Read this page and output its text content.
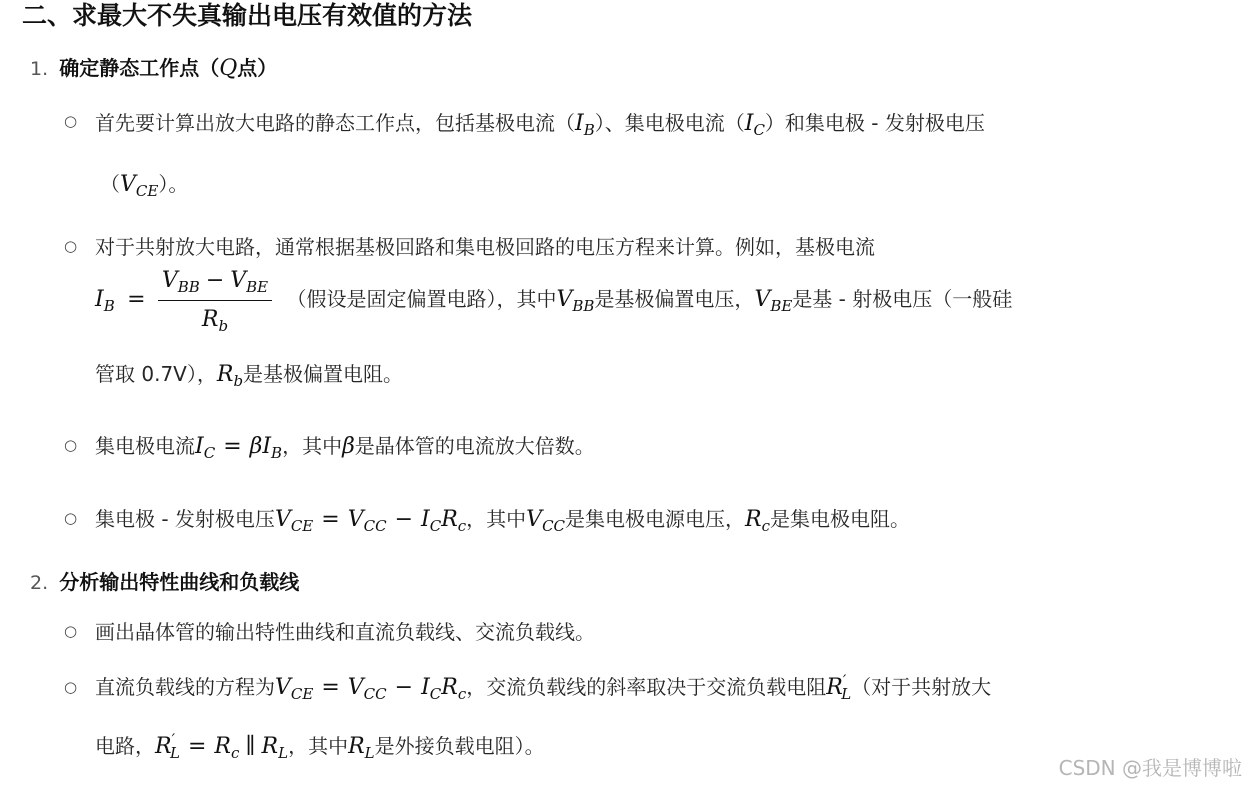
二、求最大不失真输出电压有效值的方法
1. 确定静态工作点（Q点）
○ 首先要计算出放大电路的静态工作点，包括基极电流$(I_B)$、集电极电流$(I_C)$和集电极 - 发射极电压
$(V_{CE})$。
○ 对于共射放大电路，通常根据基极回路和集电极回路的电压方程来计算。例如，基极电流
$I_B = \frac{V_{BB} - V_{BE}}{R_b}$ （假设是固定偏置电路），其中$V_{BB}$是基极偏置电压，$V_{BE}$是基 - 射极电压（一般硅
管取 0.7V），$R_b$是基极偏置电阻。
○ 集电极电流$I_C = \beta I_B$，其中β是晶体管的电流放大倍数。
○ 集电极 - 发射极电压$V_{CE} = V_{CC} - I_CR_c$，其中$V_{CC}$是集电极电源电压，$R_c$是集电极电阻。
2. 分析输出特性曲线和负载线
○ 画出晶体管的输出特性曲线和直流负载线、交流负载线。
○ 直流负载线的方程为$V_{CE} = V_{CC} - I_CR_c$，交流负载线的斜率取决于交流负载电阻$R'_L$（对于共射放大
电路，$R'_L = R_c$ ∥ $R_L$，其中$R_L$是外接负载电阻）。
CSDN @我是博博啦
